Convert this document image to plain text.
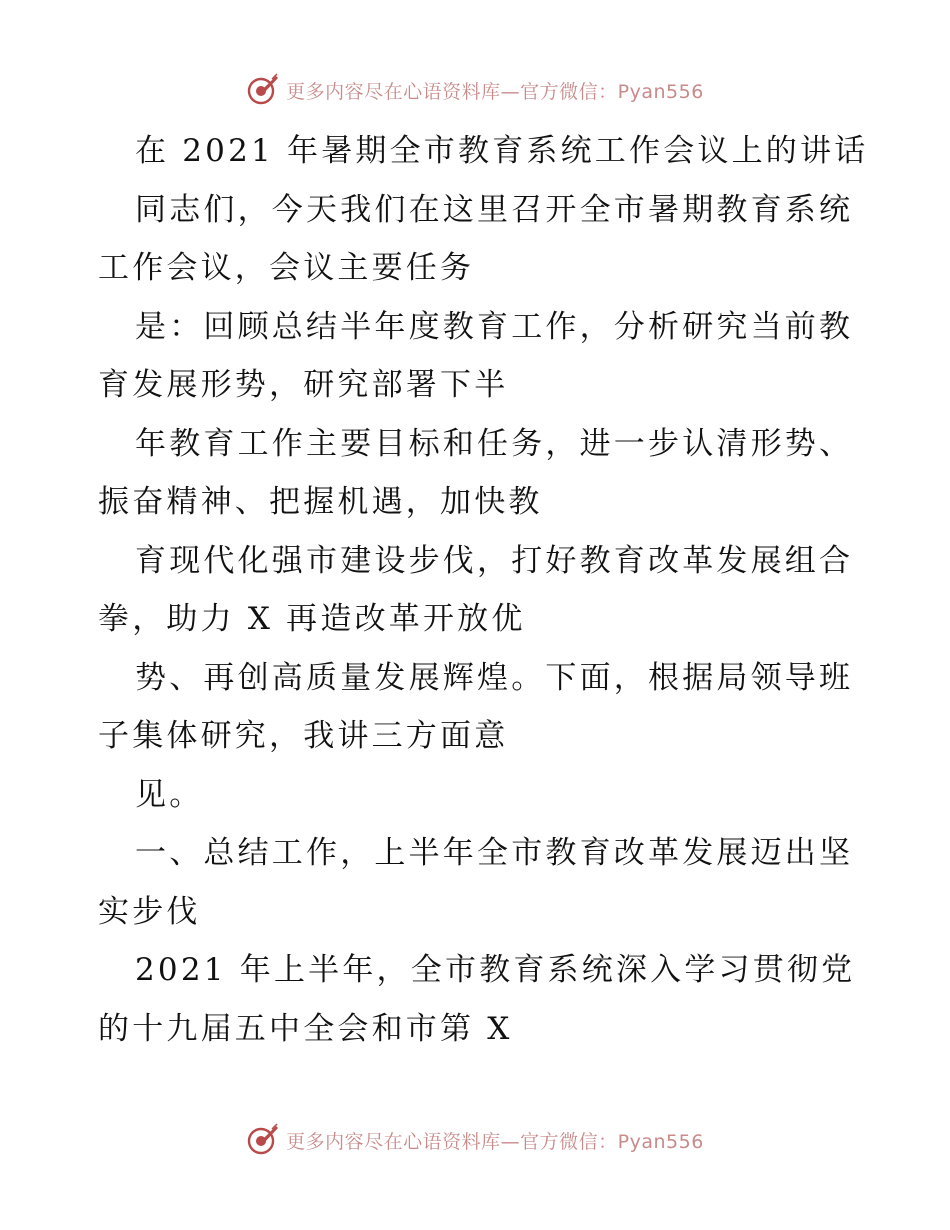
更多内容尽在心语资料库—官方微信：Pyan556
在 2021 年暑期全市教育系统工作会议上的讲话
同志们，今天我们在这里召开全市暑期教育系统
工作会议，会议主要任务
是：回顾总结半年度教育工作，分析研究当前教
育发展形势，研究部署下半
年教育工作主要目标和任务，进一步认清形势、
振奋精神、把握机遇，加快教
育现代化强市建设步伐，打好教育改革发展组合
拳，助力 X 再造改革开放优
势、再创高质量发展辉煌。下面，根据局领导班
子集体研究，我讲三方面意
见。
一、总结工作，上半年全市教育改革发展迈出坚
实步伐
2021 年上半年，全市教育系统深入学习贯彻党
的十九届五中全会和市第 X
更多内容尽在心语资料库—官方微信：Pyan556
